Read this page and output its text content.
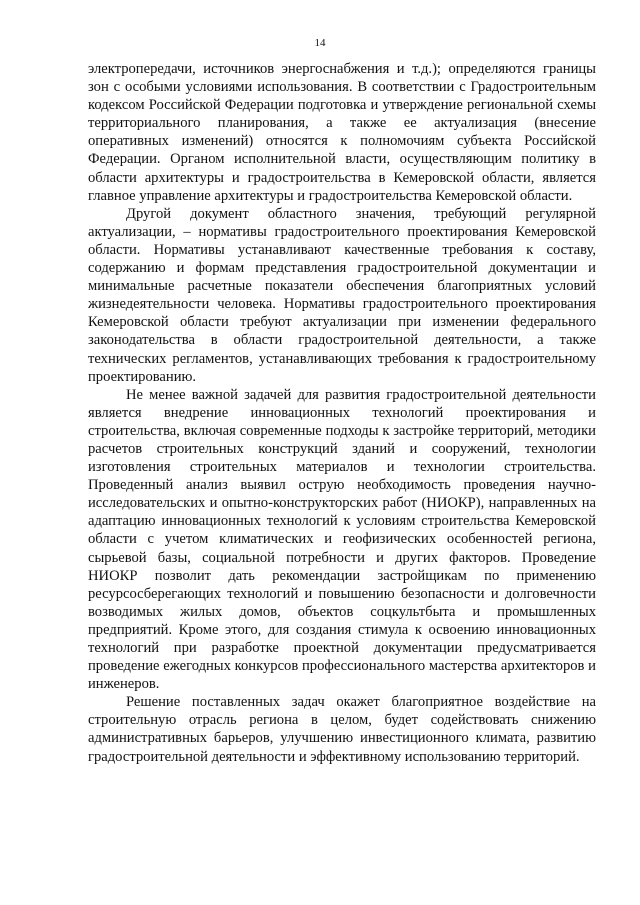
14

электропередачи, источников энергоснабжения и т.д.); определяются границы зон с особыми условиями использования. В соответствии с Градостроительным кодексом Российской Федерации подготовка и утверждение региональной схемы территориального планирования, а также ее актуализация (внесение оперативных изменений) относятся к полномочиям субъекта Российской Федерации. Органом исполнительной власти, осуществляющим политику в области архитектуры и градостроительства в Кемеровской области, является главное управление архитектуры и градостроительства Кемеровской области.

Другой документ областного значения, требующий регулярной актуализации, – нормативы градостроительного проектирования Кемеровской области. Нормативы устанавливают качественные требования к составу, содержанию и формам представления градостроительной документации и минимальные расчетные показатели обеспечения благоприятных условий жизнедеятельности человека. Нормативы градостроительного проектирования Кемеровской области требуют актуализации при изменении федерального законодательства в области градостроительной деятельности, а также технических регламентов, устанавливающих требования к градостроительному проектированию.

Не менее важной задачей для развития градостроительной деятельности является внедрение инновационных технологий проектирования и строительства, включая современные подходы к застройке территорий, методики расчетов строительных конструкций зданий и сооружений, технологии изготовления строительных материалов и технологии строительства. Проведенный анализ выявил острую необходимость проведения научно-исследовательских и опытно-конструкторских работ (НИОКР), направленных на адаптацию инновационных технологий к условиям строительства Кемеровской области с учетом климатических и геофизических особенностей региона, сырьевой базы, социальной потребности и других факторов. Проведение НИОКР позволит дать рекомендации застройщикам по применению ресурсосберегающих технологий и повышению безопасности и долговечности возводимых жилых домов, объектов соцкультбыта и промышленных предприятий. Кроме этого, для создания стимула к освоению инновационных технологий при разработке проектной документации предусматривается проведение ежегодных конкурсов профессионального мастерства архитекторов и инженеров.

Решение поставленных задач окажет благоприятное воздействие на строительную отрасль региона в целом, будет содействовать снижению административных барьеров, улучшению инвестиционного климата, развитию градостроительной деятельности и эффективному использованию территорий.
